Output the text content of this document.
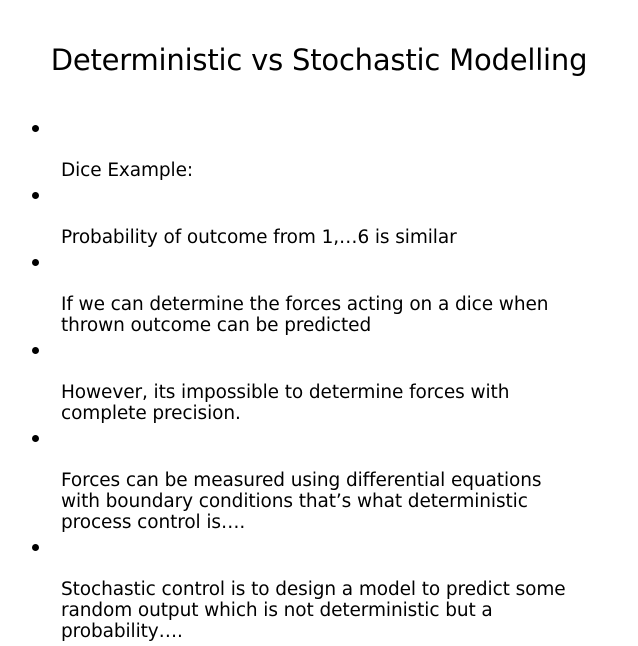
Deterministic vs Stochastic Modelling

Dice Example:

Probability of outcome from 1,…6 is similar

If we can determine the forces acting on a dice when
thrown outcome can be predicted

However, its impossible to determine forces with
complete precision.

Forces can be measured using differential equations
with boundary conditions that’s what deterministic
process control is….

Stochastic control is to design a model to predict some
random output which is not deterministic but a
probability….
